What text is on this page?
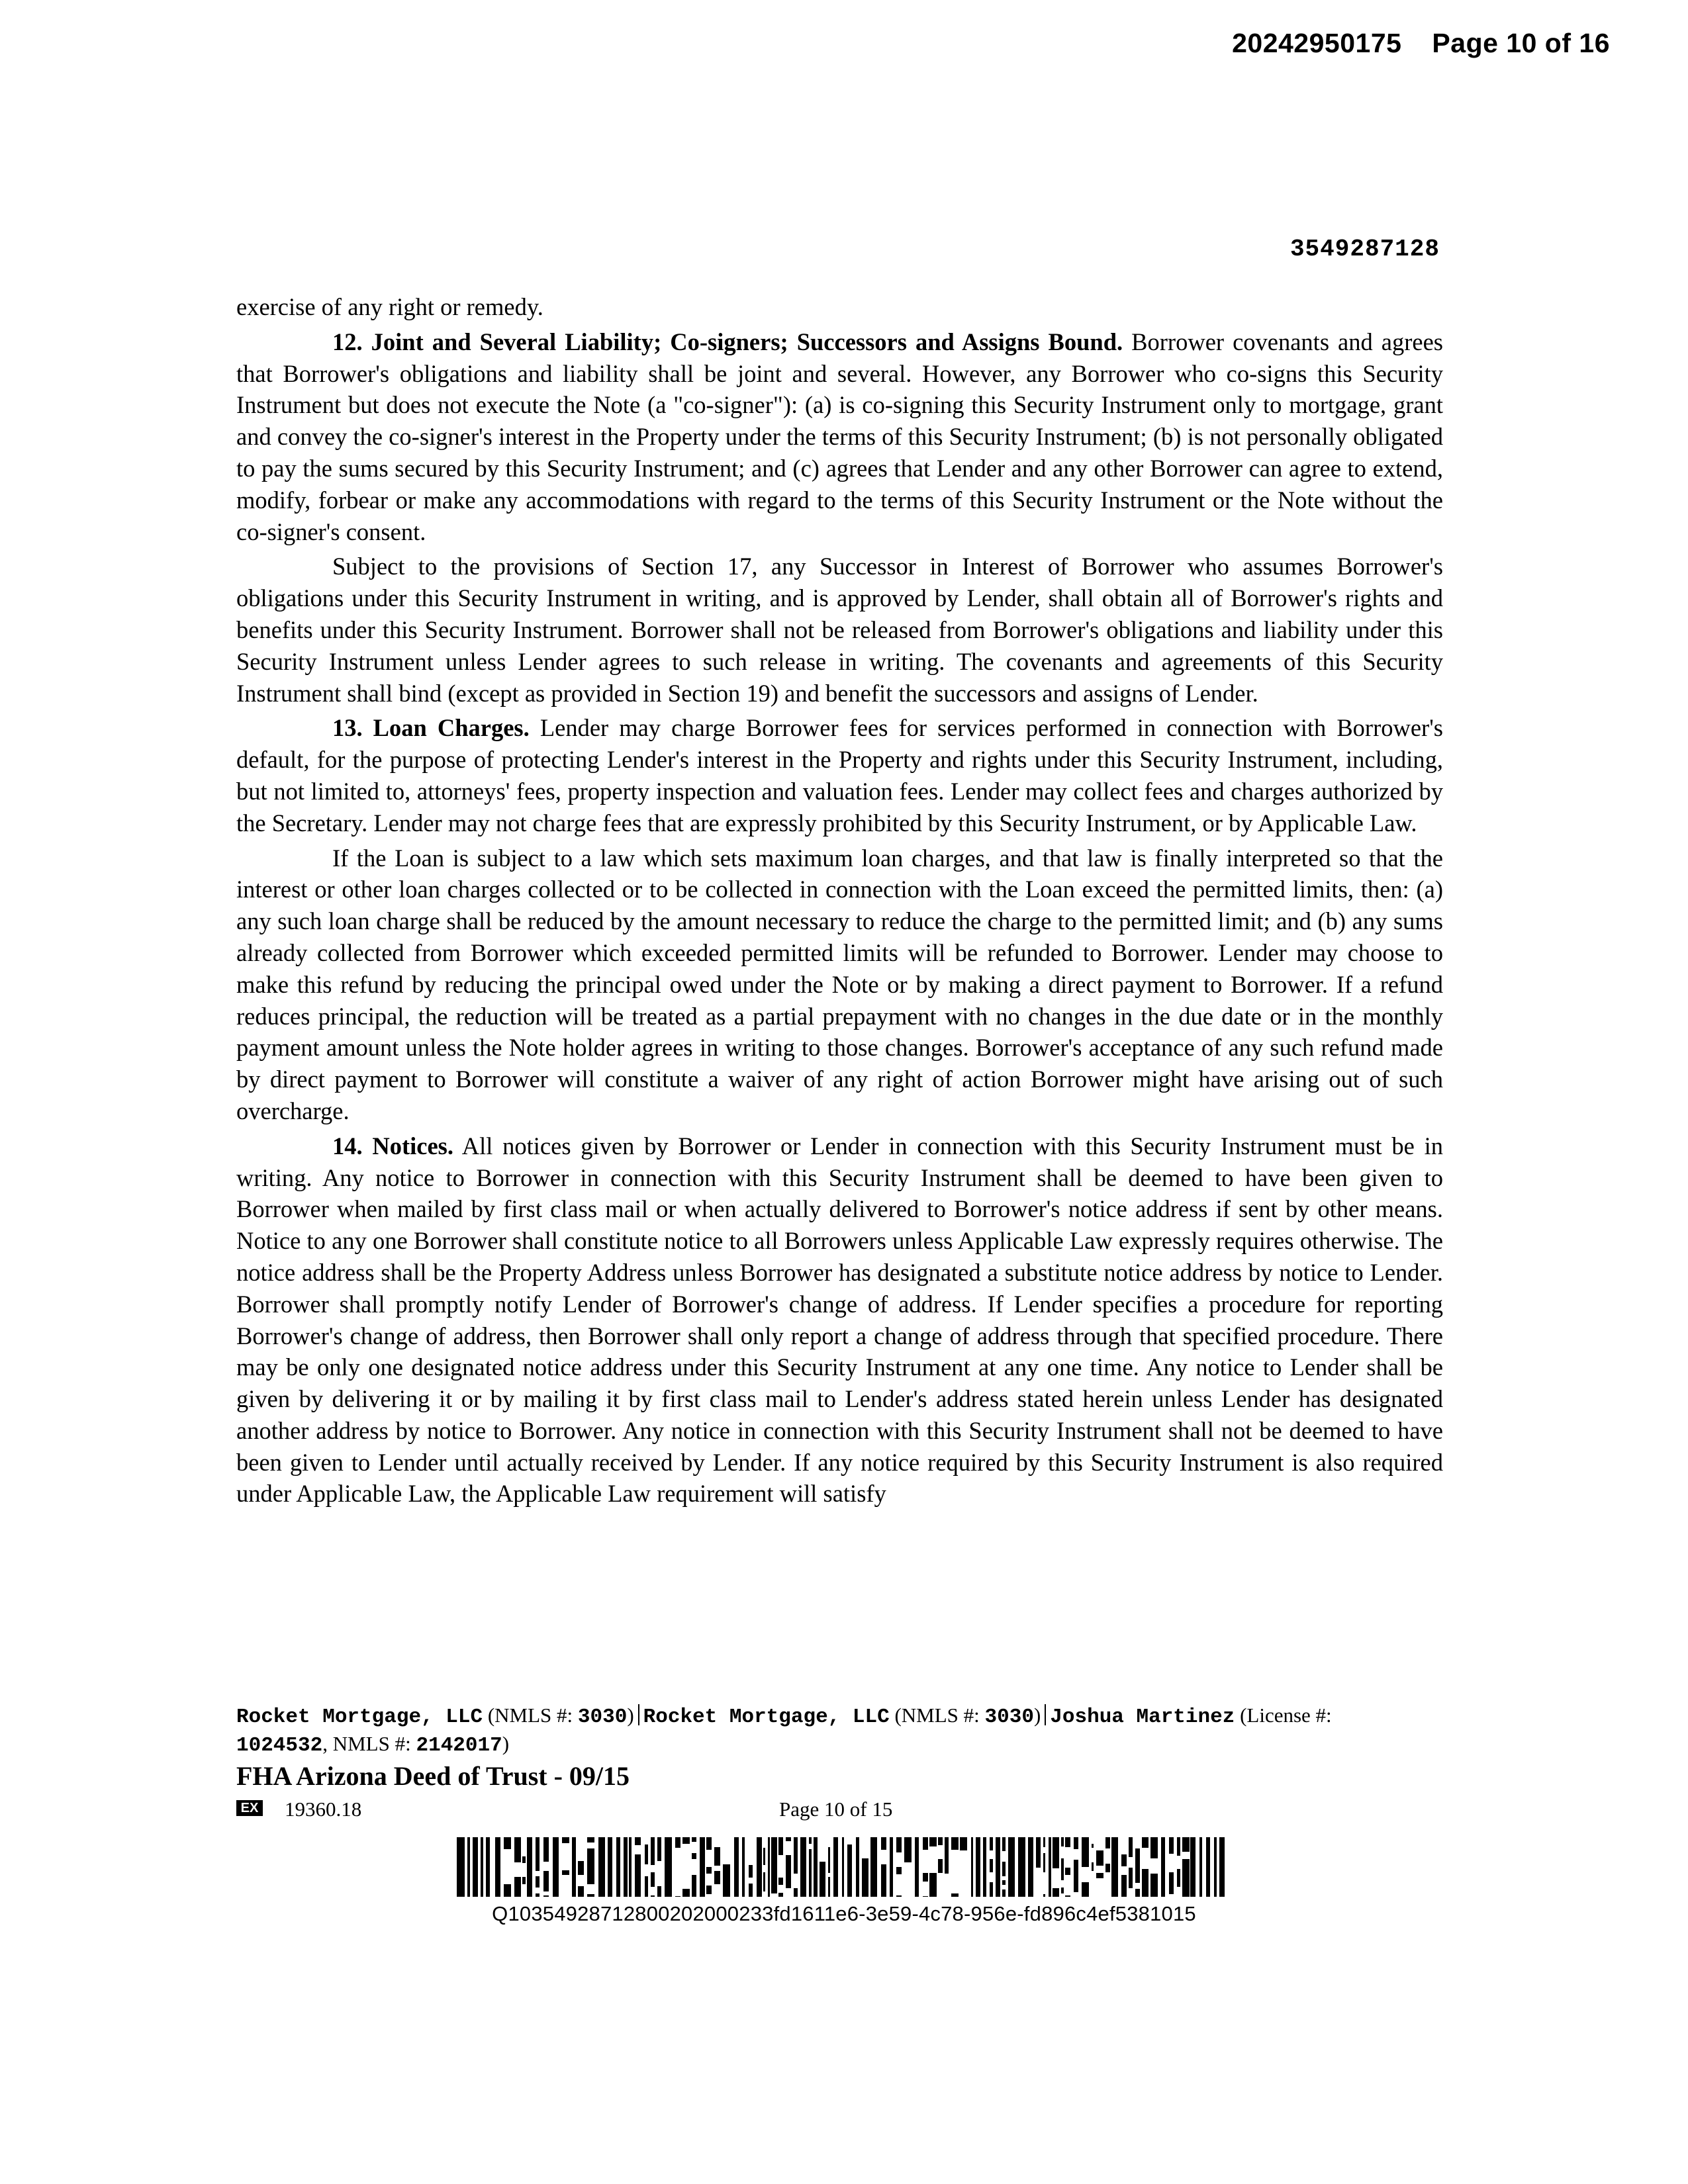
20242950175 Page 10 of 16
3549287128

exercise of any right or remedy.

12. Joint and Several Liability; Co-signers; Successors and Assigns Bound. Borrower covenants and agrees that Borrower's obligations and liability shall be joint and several. However, any Borrower who co-signs this Security Instrument but does not execute the Note (a "co-signer"): (a) is co-signing this Security Instrument only to mortgage, grant and convey the co-signer's interest in the Property under the terms of this Security Instrument; (b) is not personally obligated to pay the sums secured by this Security Instrument; and (c) agrees that Lender and any other Borrower can agree to extend, modify, forbear or make any accommodations with regard to the terms of this Security Instrument or the Note without the co-signer's consent.

Subject to the provisions of Section 17, any Successor in Interest of Borrower who assumes Borrower's obligations under this Security Instrument in writing, and is approved by Lender, shall obtain all of Borrower's rights and benefits under this Security Instrument. Borrower shall not be released from Borrower's obligations and liability under this Security Instrument unless Lender agrees to such release in writing. The covenants and agreements of this Security Instrument shall bind (except as provided in Section 19) and benefit the successors and assigns of Lender.

13. Loan Charges. Lender may charge Borrower fees for services performed in connection with Borrower's default, for the purpose of protecting Lender's interest in the Property and rights under this Security Instrument, including, but not limited to, attorneys' fees, property inspection and valuation fees. Lender may collect fees and charges authorized by the Secretary. Lender may not charge fees that are expressly prohibited by this Security Instrument, or by Applicable Law.

If the Loan is subject to a law which sets maximum loan charges, and that law is finally interpreted so that the interest or other loan charges collected or to be collected in connection with the Loan exceed the permitted limits, then: (a) any such loan charge shall be reduced by the amount necessary to reduce the charge to the permitted limit; and (b) any sums already collected from Borrower which exceeded permitted limits will be refunded to Borrower. Lender may choose to make this refund by reducing the principal owed under the Note or by making a direct payment to Borrower. If a refund reduces principal, the reduction will be treated as a partial prepayment with no changes in the due date or in the monthly payment amount unless the Note holder agrees in writing to those changes. Borrower's acceptance of any such refund made by direct payment to Borrower will constitute a waiver of any right of action Borrower might have arising out of such overcharge.

14. Notices. All notices given by Borrower or Lender in connection with this Security Instrument must be in writing. Any notice to Borrower in connection with this Security Instrument shall be deemed to have been given to Borrower when mailed by first class mail or when actually delivered to Borrower's notice address if sent by other means. Notice to any one Borrower shall constitute notice to all Borrowers unless Applicable Law expressly requires otherwise. The notice address shall be the Property Address unless Borrower has designated a substitute notice address by notice to Lender. Borrower shall promptly notify Lender of Borrower's change of address. If Lender specifies a procedure for reporting Borrower's change of address, then Borrower shall only report a change of address through that specified procedure. There may be only one designated notice address under this Security Instrument at any one time. Any notice to Lender shall be given by delivering it or by mailing it by first class mail to Lender's address stated herein unless Lender has designated another address by notice to Borrower. Any notice in connection with this Security Instrument shall not be deemed to have been given to Lender until actually received by Lender. If any notice required by this Security Instrument is also required under Applicable Law, the Applicable Law requirement will satisfy

Rocket Mortgage, LLC (NMLS #: 3030) Rocket Mortgage, LLC (NMLS #: 3030) Joshua Martinez (License #:
1024532, NMLS #: 2142017)
FHA Arizona Deed of Trust - 09/15
EX 19360.18	Page 10 of 15
Q10354928712800202000233fd1611e6-3e59-4c78-956e-fd896c4ef5381015
